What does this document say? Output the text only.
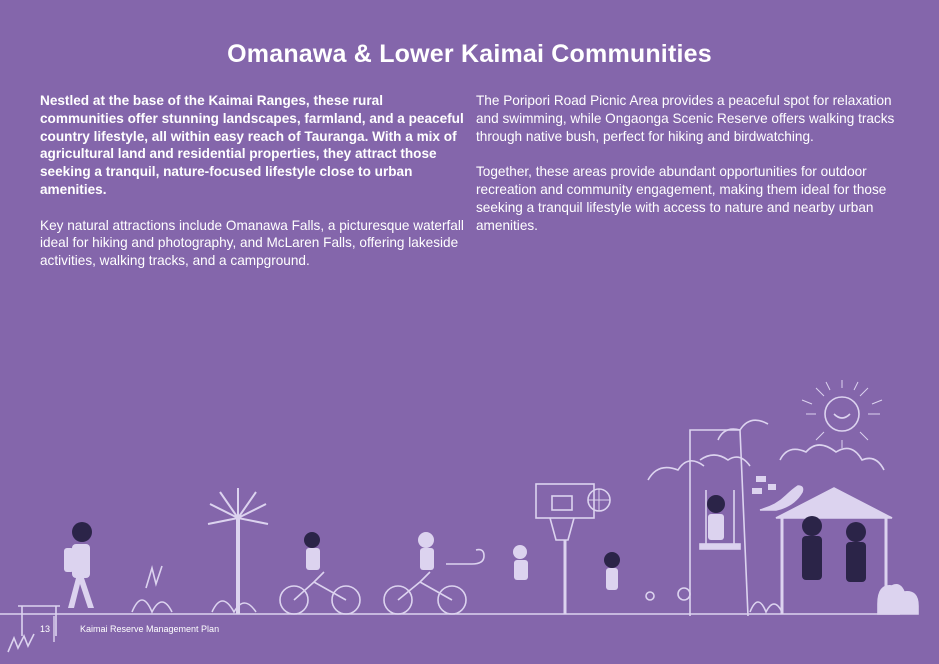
Omanawa & Lower Kaimai Communities

Nestled at the base of the Kaimai Ranges, these rural communities offer stunning landscapes, farmland, and a peaceful country lifestyle, all within easy reach of Tauranga. With a mix of agricultural land and residential properties, they attract those seeking a tranquil, nature-focused lifestyle close to urban amenities.

Key natural attractions include Omanawa Falls, a picturesque waterfall ideal for hiking and photography, and McLaren Falls, offering lakeside activities, walking tracks, and a campground.

The Poripori Road Picnic Area provides a peaceful spot for relaxation and swimming, while Ongaonga Scenic Reserve offers walking tracks through native bush, perfect for hiking and birdwatching.

Together, these areas provide abundant opportunities for outdoor recreation and community engagement, making them ideal for those seeking a tranquil lifestyle with access to nature and nearby urban amenities.

13	Kaimai Reserve Management Plan
